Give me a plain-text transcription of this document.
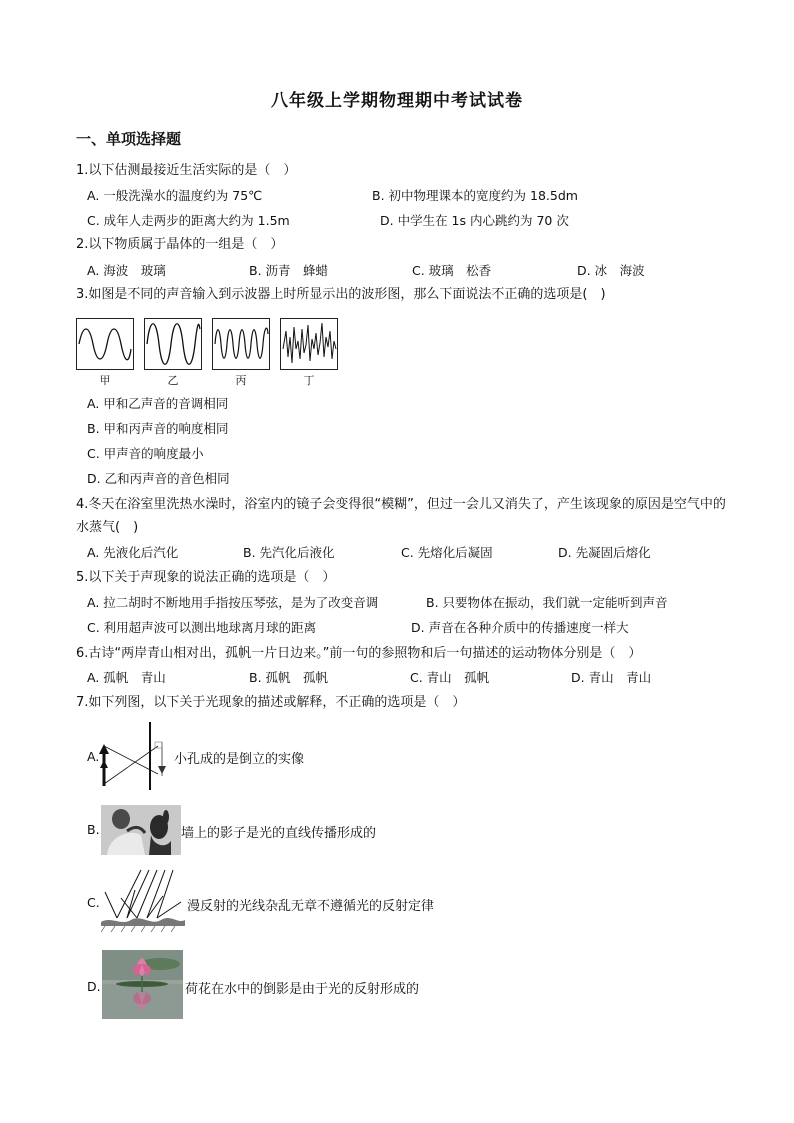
八年级上学期物理期中考试试卷
一、单项选择题
1.以下估测最接近生活实际的是（　）
A. 一般洗澡水的温度约为 75℃	B. 初中物理课本的宽度约为 18.5dm
C. 成年人走两步的距离大约为 1.5m	D. 中学生在 1s 内心跳约为 70 次
2.以下物质属于晶体的一组是（　）
A. 海波　玻璃	B. 沥青　蜂蜡	C. 玻璃　松香	D. 冰　海波
3.如图是不同的声音输入到示波器上时所显示出的波形图，那么下面说法不正确的选项是(　)
甲	乙	丙	丁
A. 甲和乙声音的音调相同
B. 甲和丙声音的响度相同
C. 甲声音的响度最小
D. 乙和丙声音的音色相同
4.冬天在浴室里洗热水澡时，浴室内的镜子会变得很“模糊”，但过一会儿又消失了，产生该现象的原因是空气中的水蒸气(　)
A. 先液化后汽化	B. 先汽化后液化	C. 先熔化后凝固	D. 先凝固后熔化
5.以下关于声现象的说法正确的选项是（　）
A. 拉二胡时不断地用手指按压琴弦，是为了改变音调	B. 只要物体在振动，我们就一定能听到声音
C. 利用超声波可以测出地球离月球的距离	D. 声音在各种介质中的传播速度一样大
6.古诗“两岸青山相对出，孤帆一片日边来。”前一句的参照物和后一句描述的运动物体分别是（　）
A. 孤帆　青山	B. 孤帆　孤帆	C. 青山　孤帆	D. 青山　青山
7.如下列图，以下关于光现象的描述或解释，不正确的选项是（　）
A.	小孔成的是倒立的实像
B.	墙上的影子是光的直线传播形成的
C.	漫反射的光线杂乱无章不遵循光的反射定律
D.	荷花在水中的倒影是由于光的反射形成的
